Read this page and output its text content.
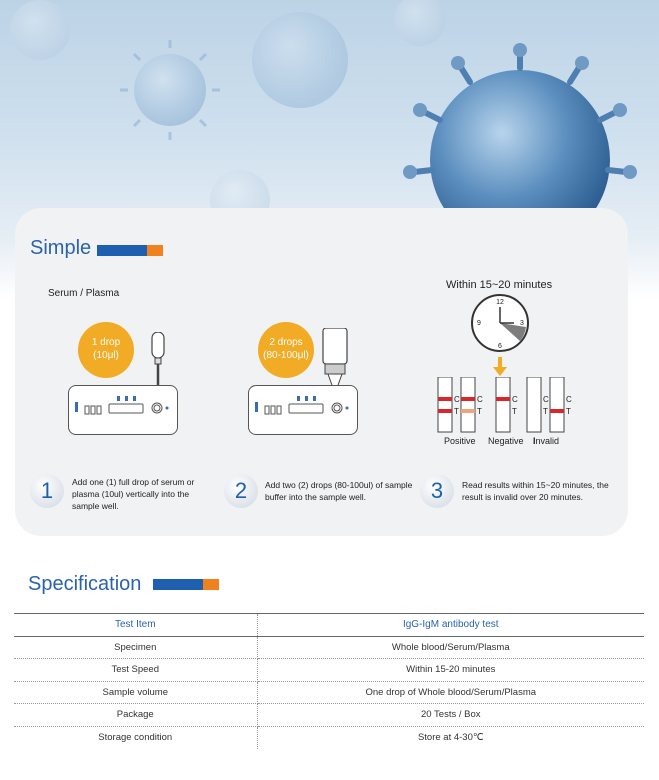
Simple
Serum / Plasma
Within 15~20 minutes
1 drop
(10μl)
2 drops
(80-100μl)
12
3
6
9
C
T
C
T
C
T
C
T
C
T
Positive Negative Invalid
1	Add one (1) full drop of serum or plasma (10ul) vertically into the sample well.
2	Add two (2) drops (80-100ul) of sample buffer into the sample well.	3	Read results within 15~20 minutes, the result is invalid over 20 minutes.
Specification
Test Item	IgG-IgM antibody test
Specimen	Whole blood/Serum/Plasma
Test Speed	Within 15-20 minutes
Sample volume	One drop of Whole blood/Serum/Plasma
Package	20 Tests / Box
Storage condition	Store at 4-30℃
